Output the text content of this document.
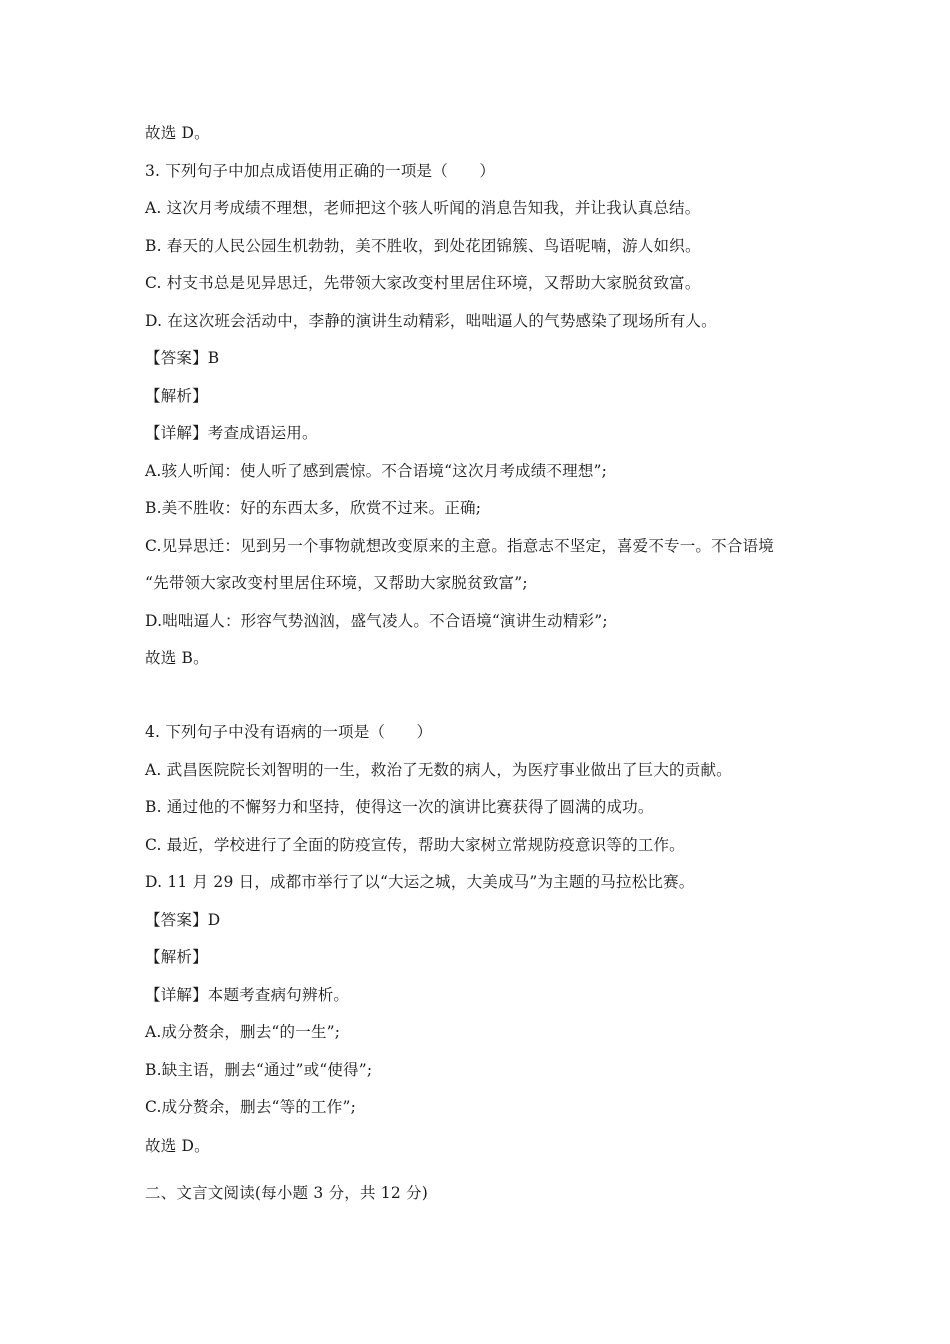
故选 D。
3. 下列句子中加点成语使用正确的一项是（　　）
A. 这次月考成绩不理想，老师把这个骇人听闻的消息告知我，并让我认真总结。
B. 春天的人民公园生机勃勃，美不胜收，到处花团锦簇、鸟语呢喃，游人如织。
C. 村支书总是见异思迁，先带领大家改变村里居住环境，又帮助大家脱贫致富。
D. 在这次班会活动中，李静的演讲生动精彩，咄咄逼人的气势感染了现场所有人。
【答案】B
【解析】
【详解】考查成语运用。
A.骇人听闻：使人听了感到震惊。不合语境“这次月考成绩不理想”;
B.美不胜收：好的东西太多，欣赏不过来。正确;
C.见异思迁：见到另一个事物就想改变原来的主意。指意志不坚定，喜爱不专一。不合语境
“先带领大家改变村里居住环境，又帮助大家脱贫致富”;
D.咄咄逼人：形容气势汹汹，盛气凌人。不合语境“演讲生动精彩”;
故选 B。
4. 下列句子中没有语病的一项是（　　）
A. 武昌医院院长刘智明的一生，救治了无数的病人，为医疗事业做出了巨大的贡献。
B. 通过他的不懈努力和坚持，使得这一次的演讲比赛获得了圆满的成功。
C. 最近，学校进行了全面的防疫宣传，帮助大家树立常规防疫意识等的工作。
D. 11 月 29 日，成都市举行了以“大运之城，大美成马”为主题的马拉松比赛。
【答案】D
【解析】
【详解】本题考查病句辨析。
A.成分赘余，删去“的一生”;
B.缺主语，删去“通过”或“使得”;
C.成分赘余，删去“等的工作”;
故选 D。
二、文言文阅读(每小题 3 分，共 12 分)
